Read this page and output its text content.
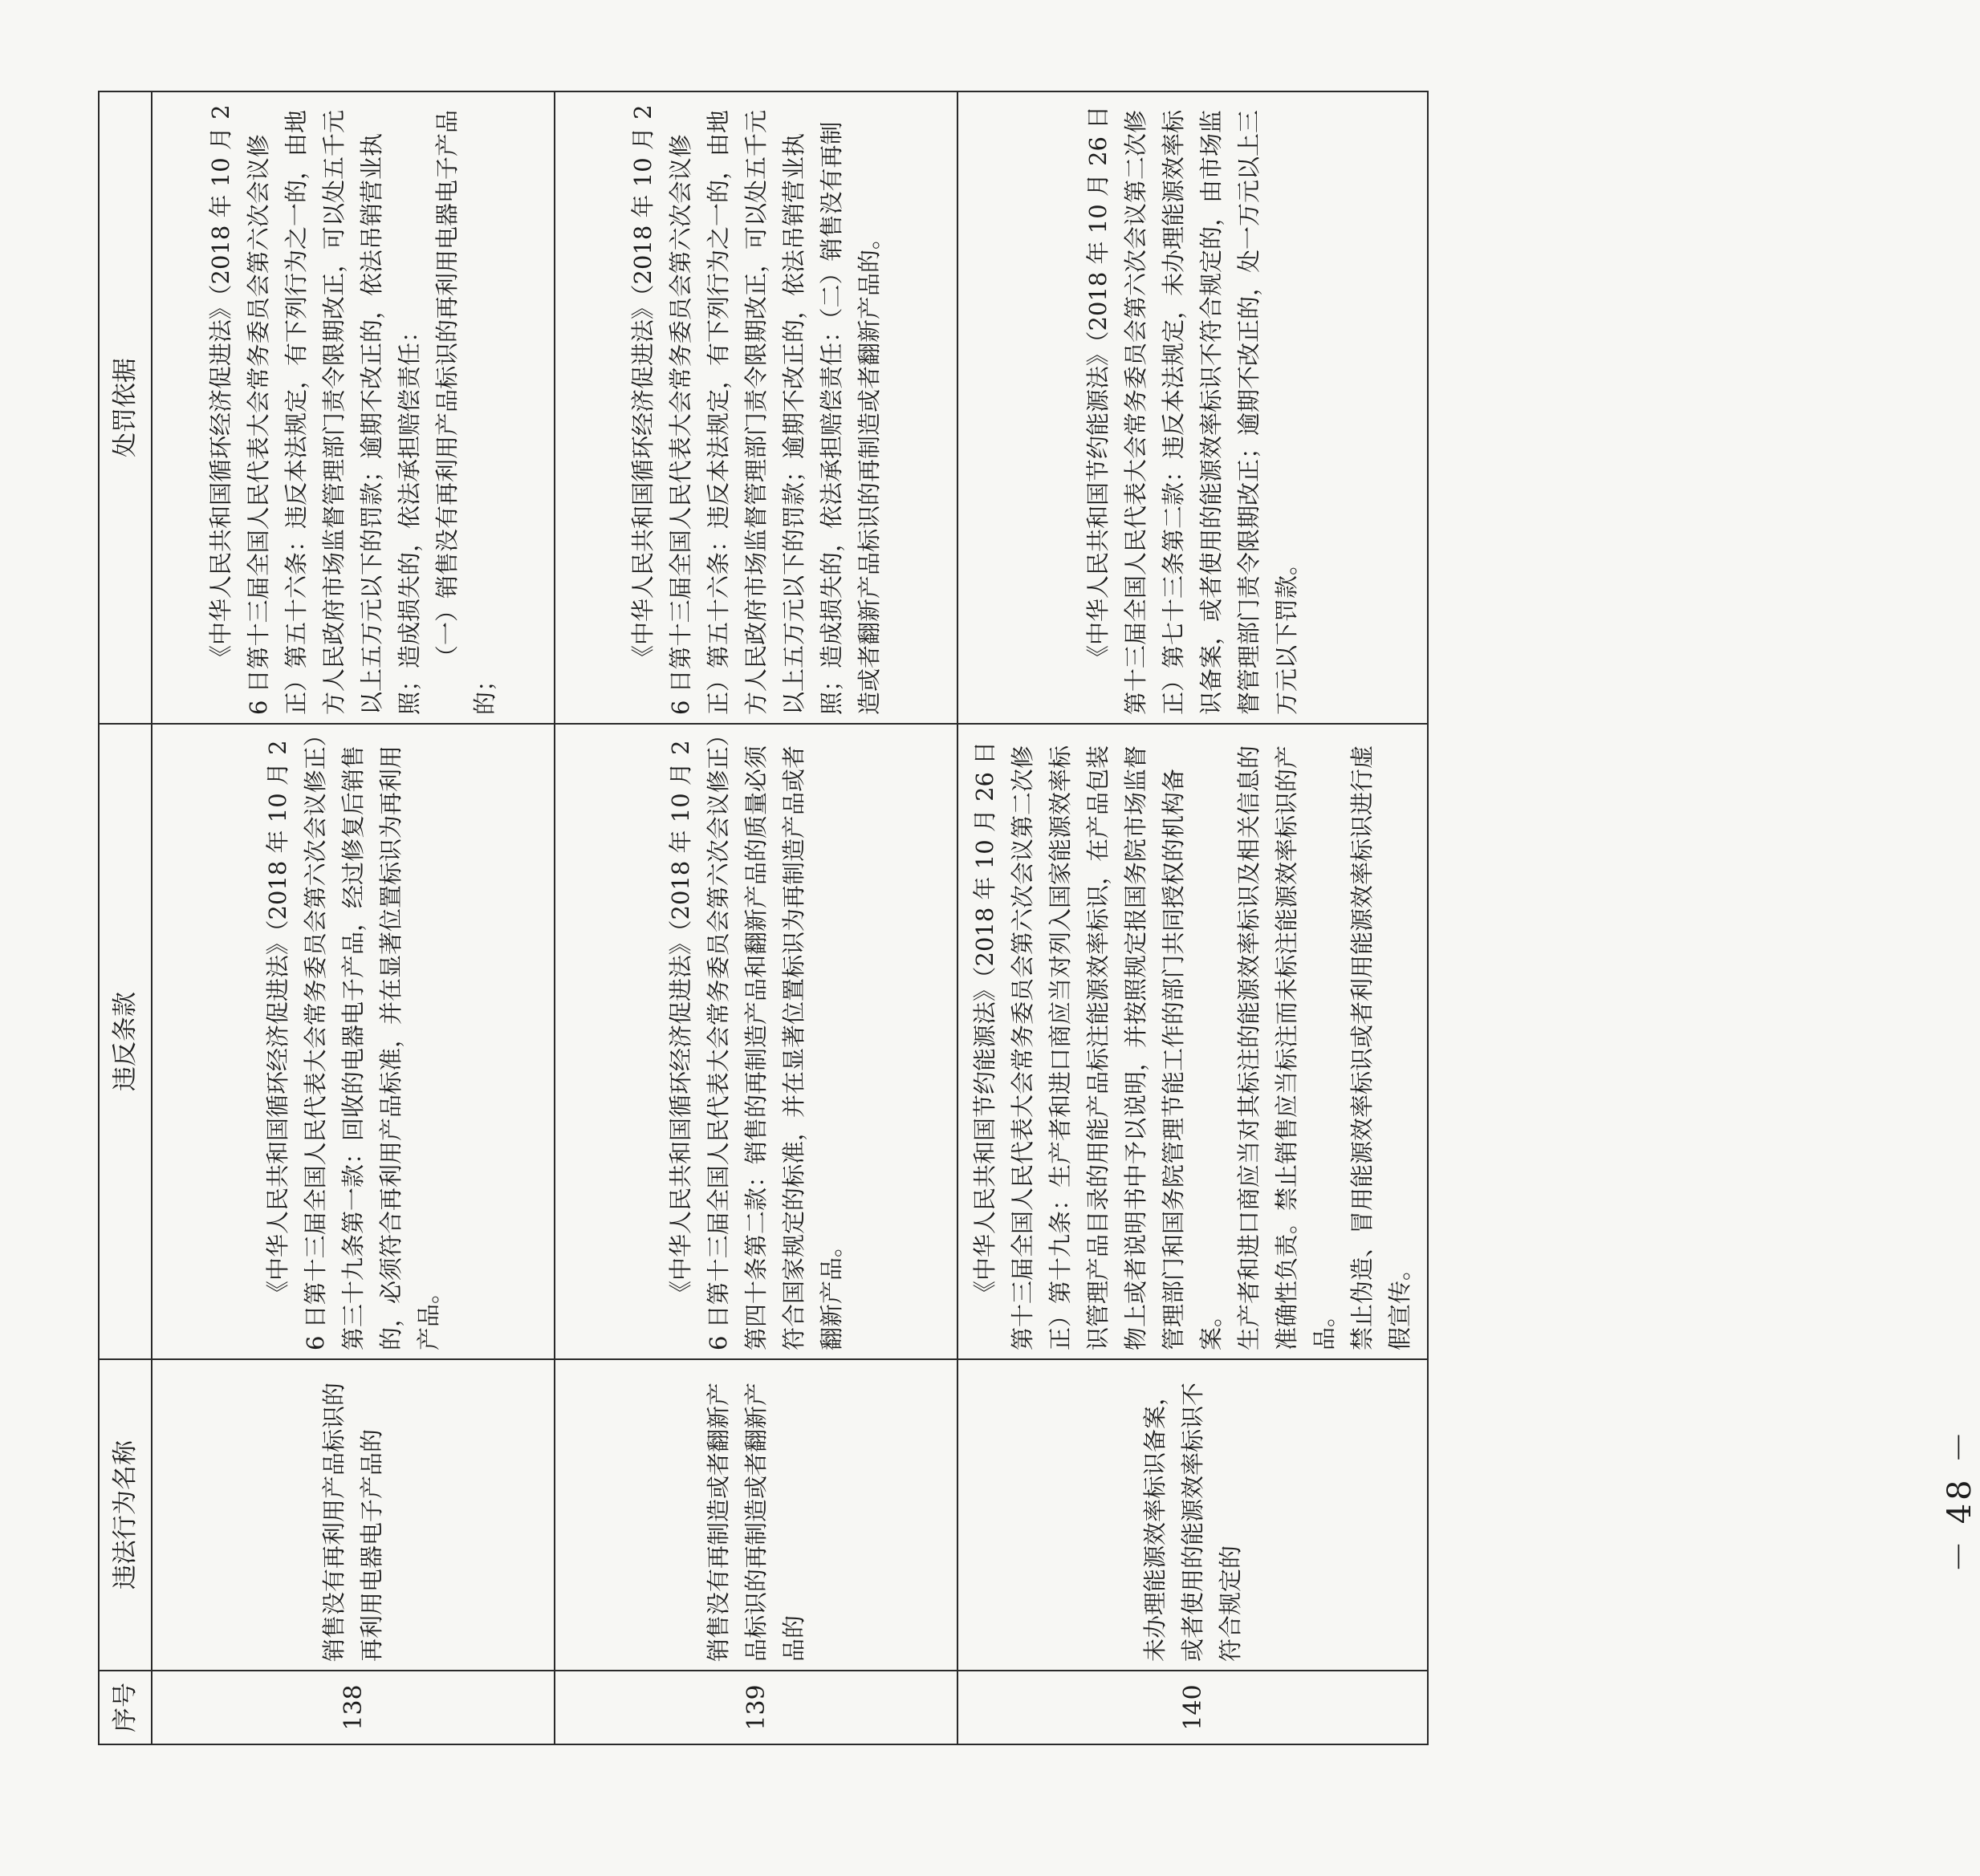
序号	违法行为名称	违反条款	处罚依据
138	销售没有再利用产品标识的再利用电器电子产品的	《中华人民共和国循环经济促进法》（2018 年 10 月 26 日第十三届全国人民代表大会常务委员会第六次会议修正）第三十九条第一款：回收的电器电子产品，经过修复后销售的，必须符合再利用产品标准，并在显著位置标识为再利用产品。	《中华人民共和国循环经济促进法》（2018 年 10 月 26 日第十三届全国人民代表大会常务委员会第六次会议修正）第五十六条：违反本法规定，有下列行为之一的，由地方人民政府市场监督管理部门责令限期改正，可以处五千元以上五万元以下的罚款；逾期不改正的，依法吊销营业执照；造成损失的，依法承担赔偿责任： （一）销售没有再利用产品标识的再利用电器电子产品的；

139	销售没有再制造或者翻新产品标识的再制造或者翻新产品的	《中华人民共和国循环经济促进法》（2018 年 10 月 26 日第十三届全国人民代表大会常务委员会第六次会议修正）第四十条第二款：销售的再制造产品和翻新产品的质量必须符合国家规定的标准，并在显著位置标识为再制造产品或者翻新产品。	《中华人民共和国循环经济促进法》（2018 年 10 月 26 日第十三届全国人民代表大会常务委员会第六次会议修正）第五十六条：违反本法规定，有下列行为之一的，由地方人民政府市场监督管理部门责令限期改正，可以处五千元以上五万元以下的罚款；逾期不改正的，依法吊销营业执照；造成损失的，依法承担赔偿责任：（二）销售没有再制造或者翻新产品标识的再制造或者翻新产品的。

140	未办理能源效率标识备案，或者使用的能源效率标识不符合规定的	《中华人民共和国节约能源法》（2018 年 10 月 26 日第十三届全国人民代表大会常务委员会第六次会议第二次修正）第十九条：生产者和进口商应当对列入国家能源效率标识管理产品目录的用能产品标注能源效率标识，在产品包装物上或者说明书中予以说明，并按照规定报国务院市场监督管理部门和国务院管理节能工作的部门共同授权的机构备案。 生产者和进口商应当对其标注的能源效率标识及相关信息的准确性负责。禁止销售应当标注而未标注能源效率标识的产品。 禁止伪造、冒用能源效率标识或者利用能源效率标识进行虚假宣传。	《中华人民共和国节约能源法》（2018 年 10 月 26 日第十三届全国人民代表大会常务委员会第六次会议第二次修正）第七十三条第二款：违反本法规定，未办理能源效率标识备案，或者使用的能源效率标识不符合规定的，由市场监督管理部门责令限期改正；逾期不改正的，处一万元以上三万元以下罚款。

－ 48 －
